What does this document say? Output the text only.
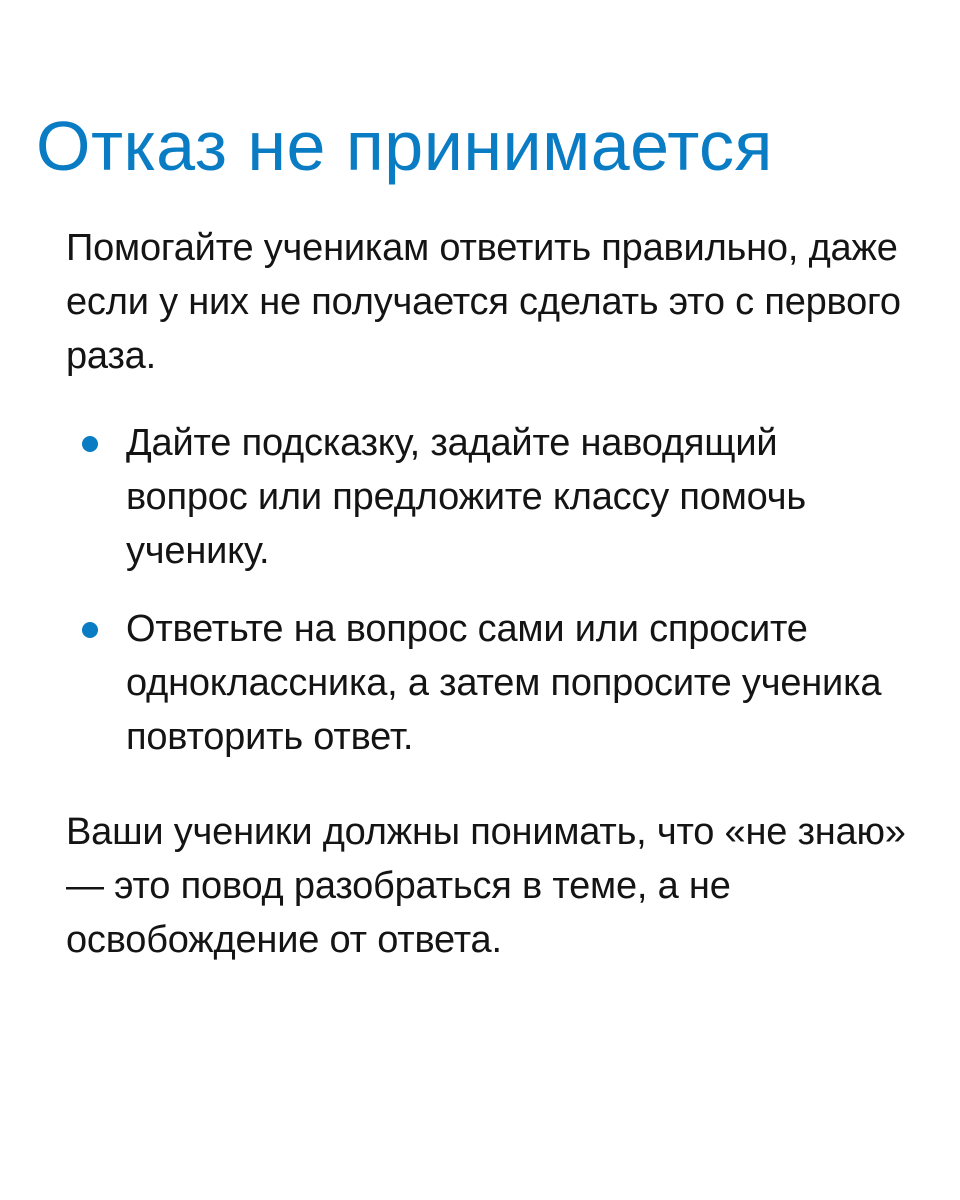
Отказ не принимается

Помогайте ученикам ответить правильно, даже если у них не получается сделать это с первого раза.

Дайте подсказку, задайте наводящий вопрос или предложите классу помочь ученику.
Ответьте на вопрос сами или спросите одноклассника, а затем попросите ученика повторить ответ.

Ваши ученики должны понимать, что «не знаю» — это повод разобраться в теме, а не освобождение от ответа.
